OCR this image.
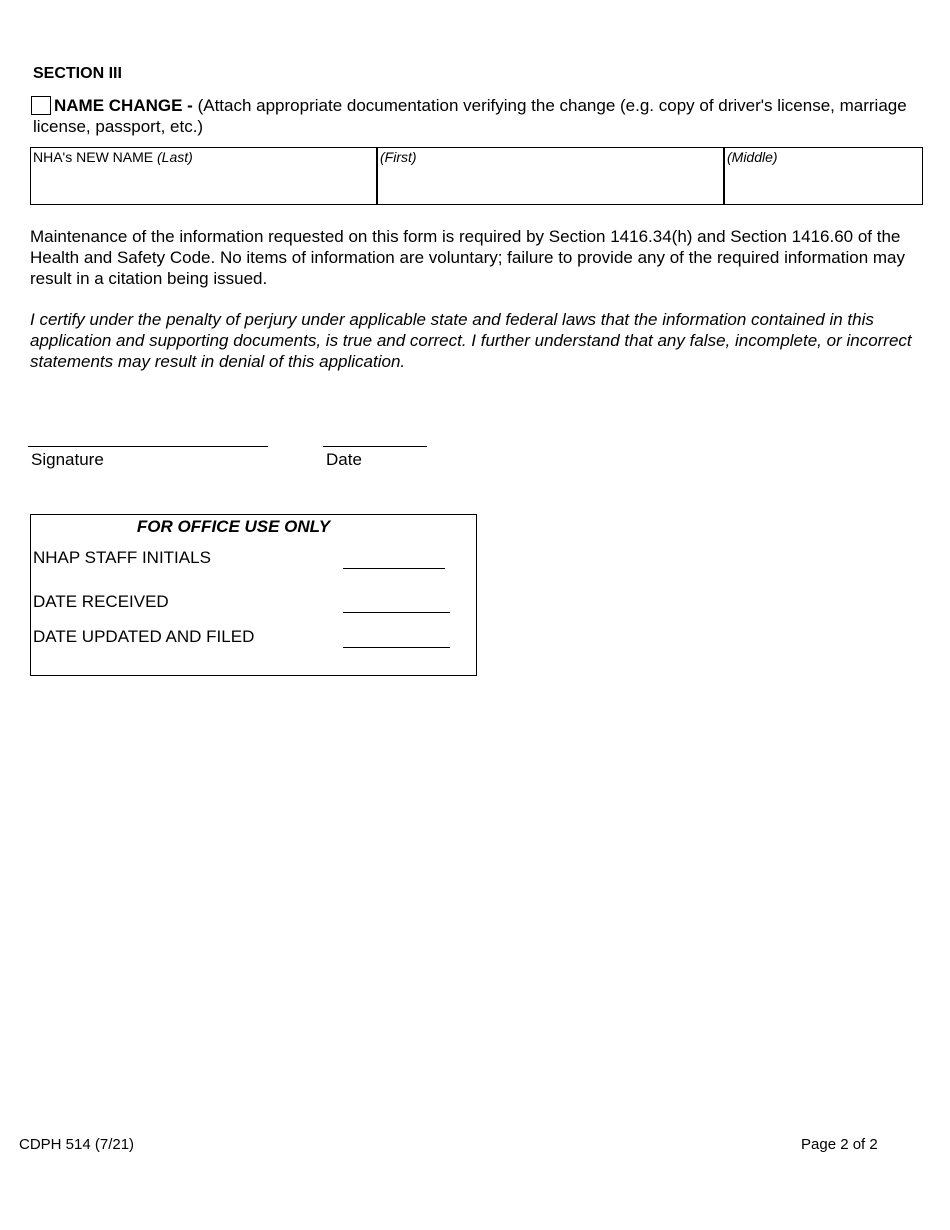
SECTION III
NAME CHANGE - (Attach appropriate documentation verifying the change (e.g. copy of driver's license, marriage license, passport, etc.)
NHA's NEW NAME (Last)	(First)	(Middle)
Maintenance of the information requested on this form is required by Section 1416.34(h) and Section 1416.60 of the Health and Safety Code. No items of information are voluntary; failure to provide any of the required information may result in a citation being issued.
I certify under the penalty of perjury under applicable state and federal laws that the information contained in this application and supporting documents, is true and correct. I further understand that any false, incomplete, or incorrect statements may result in denial of this application.
Signature	Date
FOR OFFICE USE ONLY
NHAP STAFF INITIALS
DATE RECEIVED
DATE UPDATED AND FILED
CDPH 514 (7/21)	Page 2 of 2
